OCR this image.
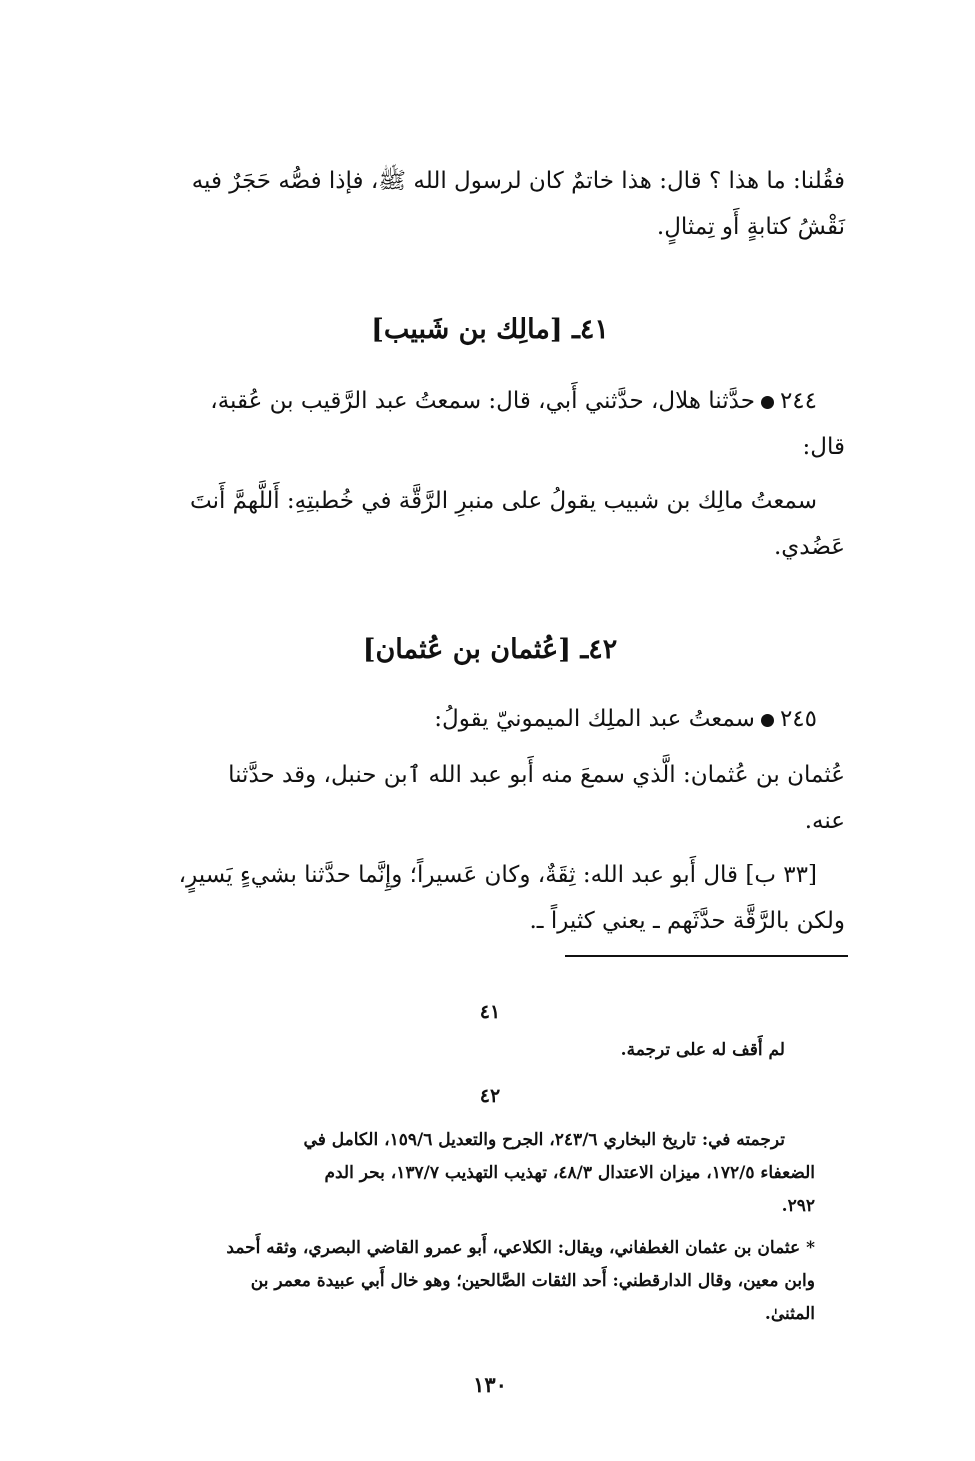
فقُلنا: ما هذا ؟ قال: هذا خاتمٌ كان لرسول الله ﷺ، فإذا فصُّه حَجَرٌ فيه
نَقْشُ كتابةٍ أَو تِمثالٍ.
٤١ـ [مالِك بن شَبيب]
٢٤٤حدَّثنا هلال، حدَّثني أَبي، قال: سمعتُ عبد الرَّقيب بن عُقبة،
قال:
سمعتُ مالِك بن شبيب يقولُ على منبرِ الرَّقَّة في خُطبتِهِ: أَللَّهمَّ أَنتَ
عَضُدي.
٤٢ـ [عُثمان بن عُثمان]
٢٤٥سمعتُ عبد الملِك الميمونيّ يقولُ:
عُثمان بن عُثمان: الَّذي سمعَ منه أَبو عبد الله ٱبن حنبل، وقد حدَّثنا
عنه.
[٣٣ ب] قال أَبو عبد الله: ثِقَةٌ، وكان عَسيراً؛ وإِنَّما حدَّثنا بشيءٍ يَسيرٍ،
ولكن بالرَّقَّة حدَّثَهم ـ يعني كثيراً ـ.
٤١
لم أَقف له على ترجمة.
٤٢
ترجمته في: تاريخ البخاري ٢٤٣/٦، الجرح والتعديل ١٥٩/٦، الكامل في
الضعفاء ١٧٢/٥، ميزان الاعتدال ٤٨/٣، تهذيب التهذيب ١٣٧/٧، بحر الدم
٢٩٢.
* عثمان بن عثمان الغطفاني، ويقال: الكلاعي، أَبو عمرو القاضي البصري، وثقه أَحمد
وابن معين، وقال الدارقطني: أَحد الثقات الصَّالحين؛ وهو خال أَبي عبيدة معمر بن
المثنىٰ.
١٣٠
